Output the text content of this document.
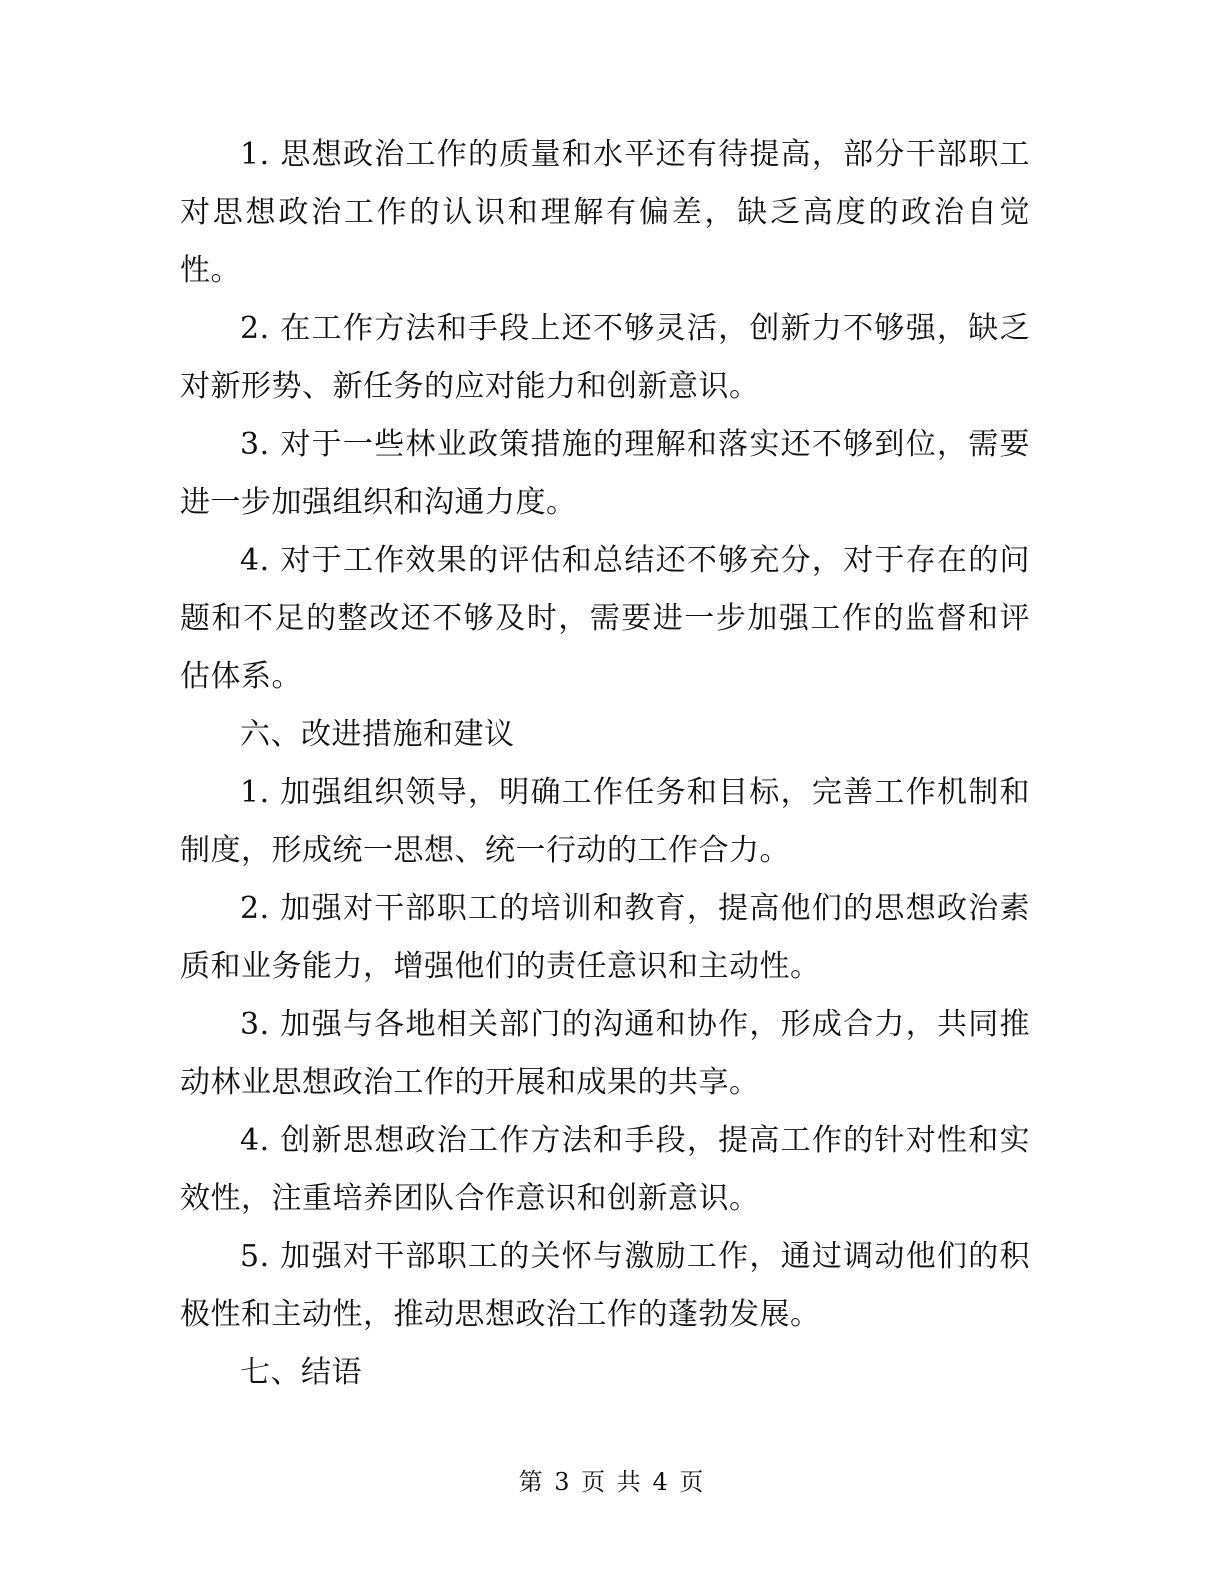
1. 思想政治工作的质量和水平还有待提高，部分干部职工对思想政治工作的认识和理解有偏差，缺乏高度的政治自觉性。

2. 在工作方法和手段上还不够灵活，创新力不够强，缺乏对新形势、新任务的应对能力和创新意识。

3. 对于一些林业政策措施的理解和落实还不够到位，需要进一步加强组织和沟通力度。

4. 对于工作效果的评估和总结还不够充分，对于存在的问题和不足的整改还不够及时，需要进一步加强工作的监督和评估体系。

六、改进措施和建议

1. 加强组织领导，明确工作任务和目标，完善工作机制和制度，形成统一思想、统一行动的工作合力。

2. 加强对干部职工的培训和教育，提高他们的思想政治素质和业务能力，增强他们的责任意识和主动性。

3. 加强与各地相关部门的沟通和协作，形成合力，共同推动林业思想政治工作的开展和成果的共享。

4. 创新思想政治工作方法和手段，提高工作的针对性和实效性，注重培养团队合作意识和创新意识。

5. 加强对干部职工的关怀与激励工作，通过调动他们的积极性和主动性，推动思想政治工作的蓬勃发展。

七、结语

第 3 页 共 4 页
